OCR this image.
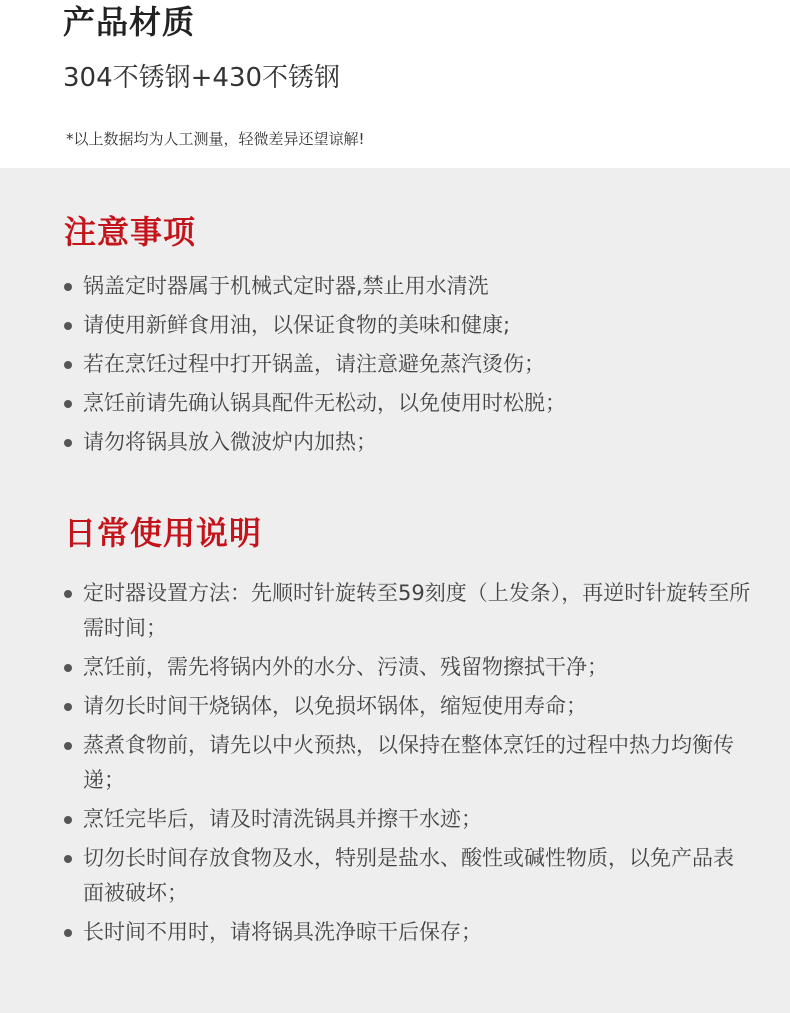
产品材质

304不锈钢+430不锈钢

*以上数据均为人工测量，轻微差异还望谅解!

注意事项
锅盖定时器属于机械式定时器,禁止用水清洗
请使用新鲜食用油，以保证食物的美味和健康;
若在烹饪过程中打开锅盖，请注意避免蒸汽烫伤；
烹饪前请先确认锅具配件无松动，以免使用时松脱；
请勿将锅具放入微波炉内加热；
日常使用说明
定时器设置方法：先顺时针旋转至59刻度（上发条），再逆时针旋转至所需时间；
烹饪前，需先将锅内外的水分、污渍、残留物擦拭干净；
请勿长时间干烧锅体，以免损坏锅体，缩短使用寿命；
蒸煮食物前，请先以中火预热，以保持在整体烹饪的过程中热力均衡传递；
烹饪完毕后，请及时清洗锅具并擦干水迹；
切勿长时间存放食物及水，特别是盐水、酸性或碱性物质，以免产品表面被破坏；
长时间不用时，请将锅具洗净晾干后保存；
